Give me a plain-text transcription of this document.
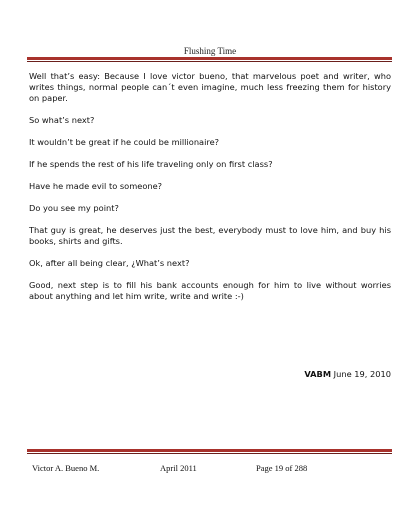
Flushing Time

Well that’s easy: Because I love victor bueno, that marvelous poet and writer, who writes things, normal people can´t even imagine, much less freezing them for history on paper.

So what’s next?

It wouldn’t be great if he could be millionaire?

If he spends the rest of his life traveling only on first class?

Have he made evil to someone?

Do you see my point?

That guy is great, he deserves just the best, everybody must to love him, and buy his books, shirts and gifts.

Ok, after all being clear, ¿What’s next?

Good, next step is to fill his bank accounts enough for him to live without worries about anything and let him write, write and write :-)

VABM June 19, 2010
Victor A. Bueno M.	April 2011	Page 19 of 288
